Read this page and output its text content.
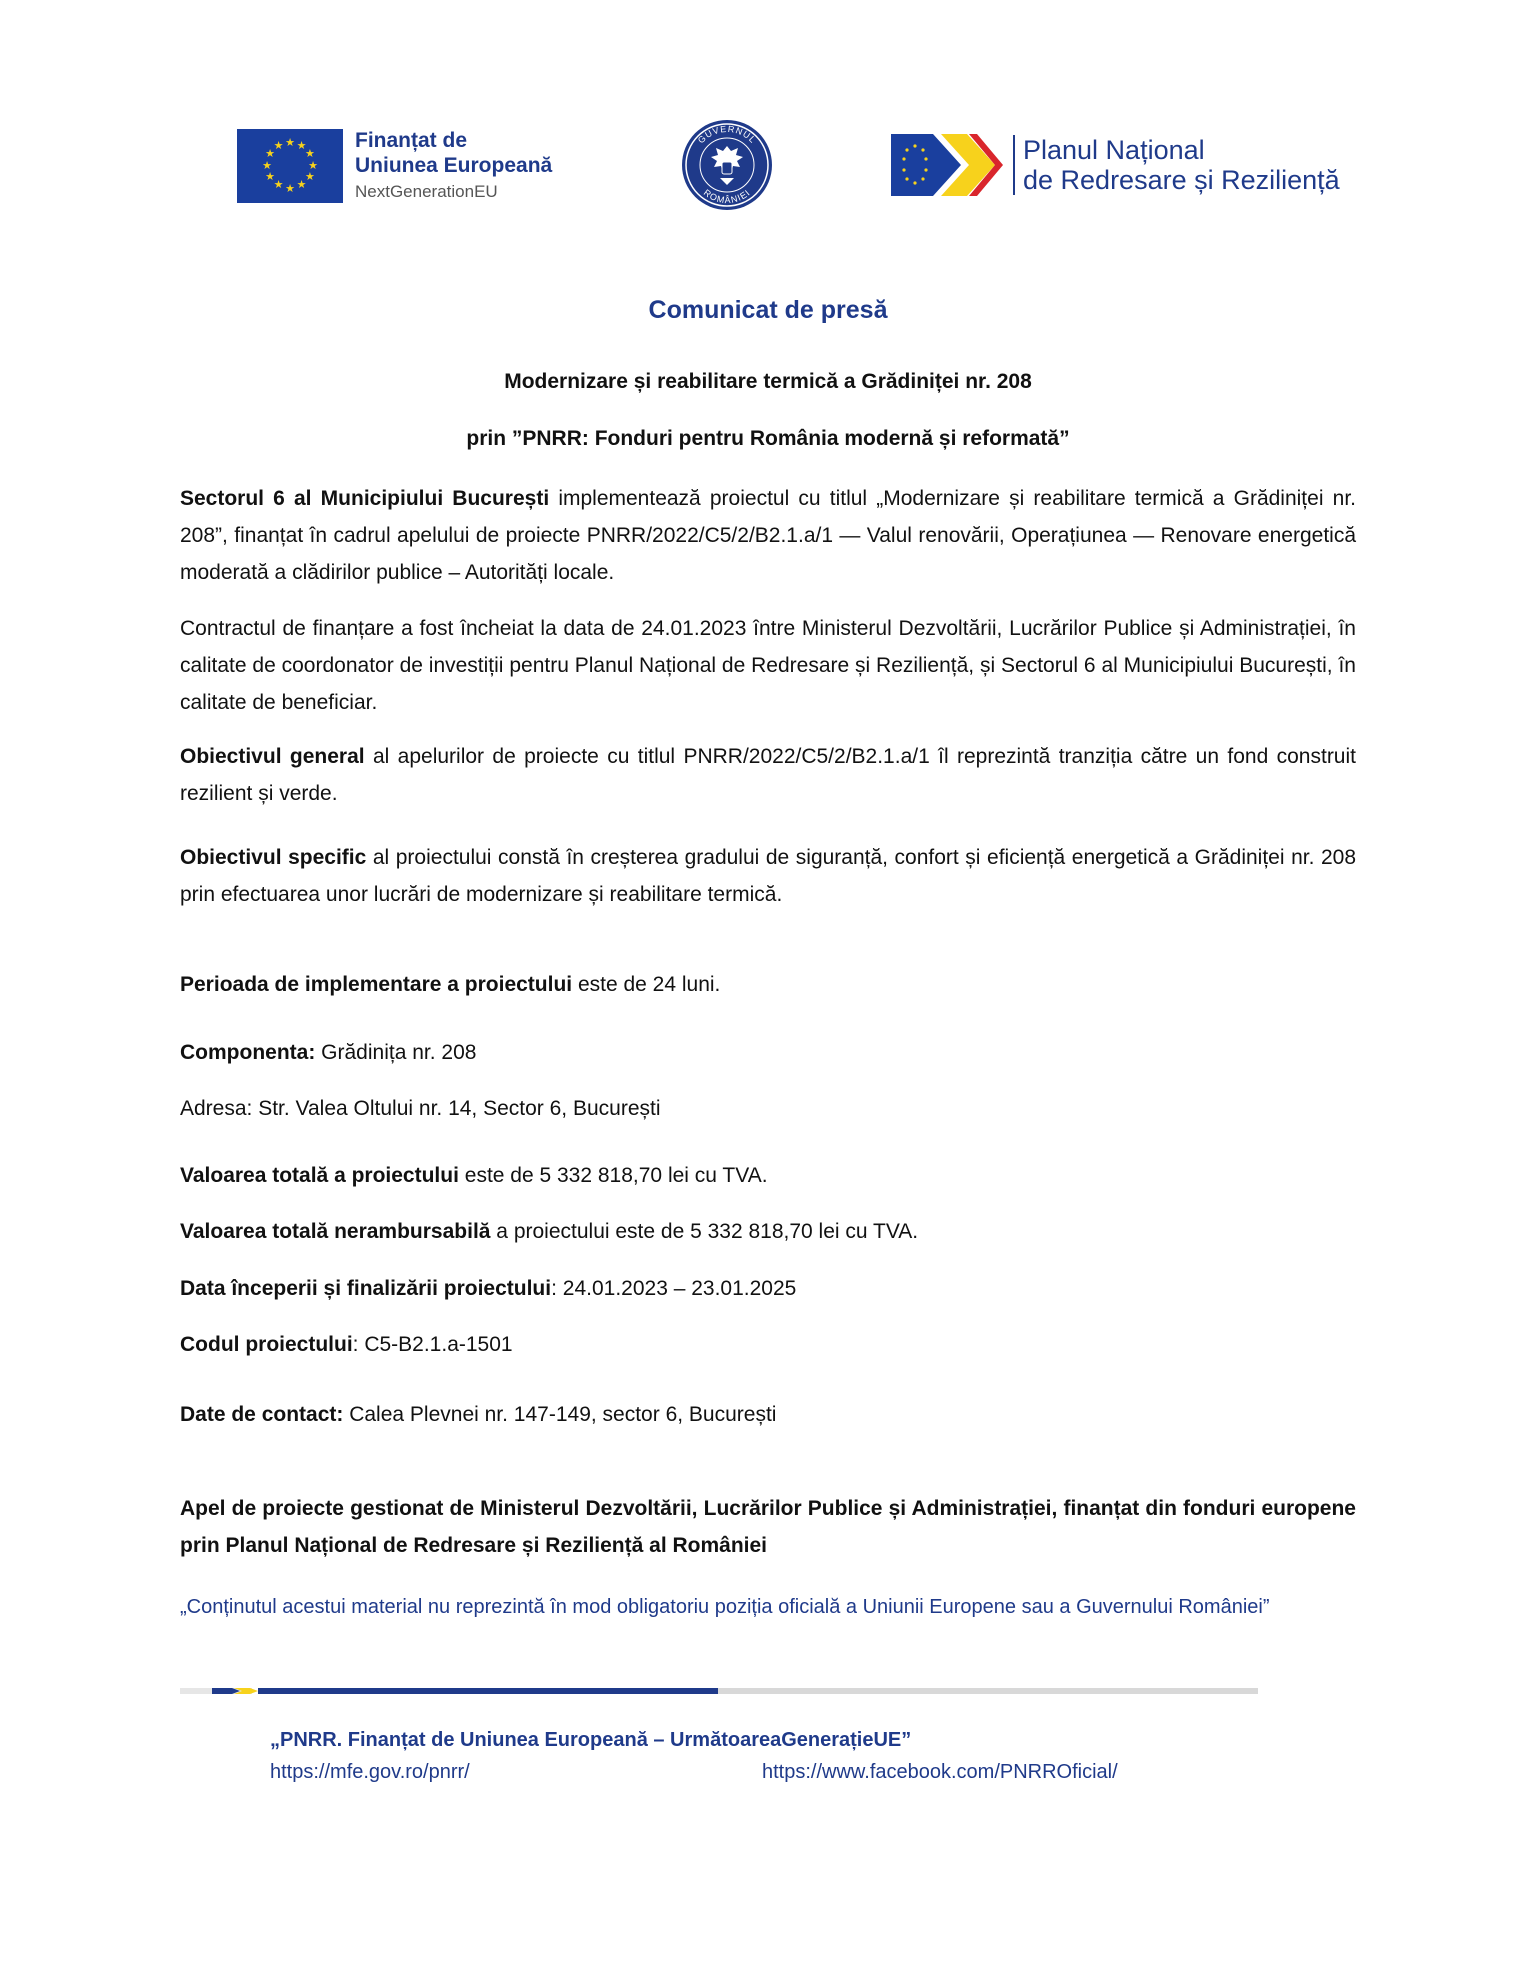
★ ★
★
★
★
★
★
★
★
★
★
★	Finanțat de
Uniunea Europeană
NextGenerationEU
GUVERNUL
ROMÂNIEI
Planul Național
de Redresare și Reziliență
Comunicat de presă
Modernizare și reabilitare termică a Grădiniței nr. 208
prin ”PNRR: Fonduri pentru România modernă și reformată”
Sectorul 6 al Municipiului București implementează proiectul cu titlul „Modernizare și reabilitare termică a Grădiniței nr. 208”, finanțat în cadrul apelului de proiecte PNRR/2022/C5/2/B2.1.a/1 — Valul renovării, Operațiunea — Renovare energetică moderată a clădirilor publice – Autorități locale.
Contractul de finanțare a fost încheiat la data de 24.01.2023 între Ministerul Dezvoltării, Lucrărilor Publice și Administrației, în calitate de coordonator de investiții pentru Planul Național de Redresare și Reziliență, și Sectorul 6 al Municipiului București, în calitate de beneficiar.
Obiectivul general al apelurilor de proiecte cu titlul PNRR/2022/C5/2/B2.1.a/1 îl reprezintă tranziția către un fond construit rezilient și verde.
Obiectivul specific al proiectului constă în creșterea gradului de siguranță, confort și eficiență energetică a Grădiniței nr. 208 prin efectuarea unor lucrări de modernizare și reabilitare termică.
Perioada de implementare a proiectului este de 24 luni.
Componenta: Grădinița nr. 208
Adresa: Str. Valea Oltului nr. 14, Sector 6, București
Valoarea totală a proiectului este de 5 332 818,70 lei cu TVA.
Valoarea totală nerambursabilă a proiectului este de 5 332 818,70 lei cu TVA.
Data începerii și finalizării proiectului: 24.01.2023 – 23.01.2025
Codul proiectului: C5-B2.1.a-1501
Date de contact: Calea Plevnei nr. 147-149, sector 6, București
Apel de proiecte gestionat de Ministerul Dezvoltării, Lucrărilor Publice și Administrației, finanțat din fonduri europene prin Planul Național de Redresare și Reziliență al României
„Conținutul acestui material nu reprezintă în mod obligatoriu poziția oficială a Uniunii Europene sau a Guvernului României”
„PNRR. Finanțat de Uniunea Europeană – UrmătoareaGenerațieUE”
https://mfe.gov.ro/pnrr/	https://www.facebook.com/PNRROficial/
